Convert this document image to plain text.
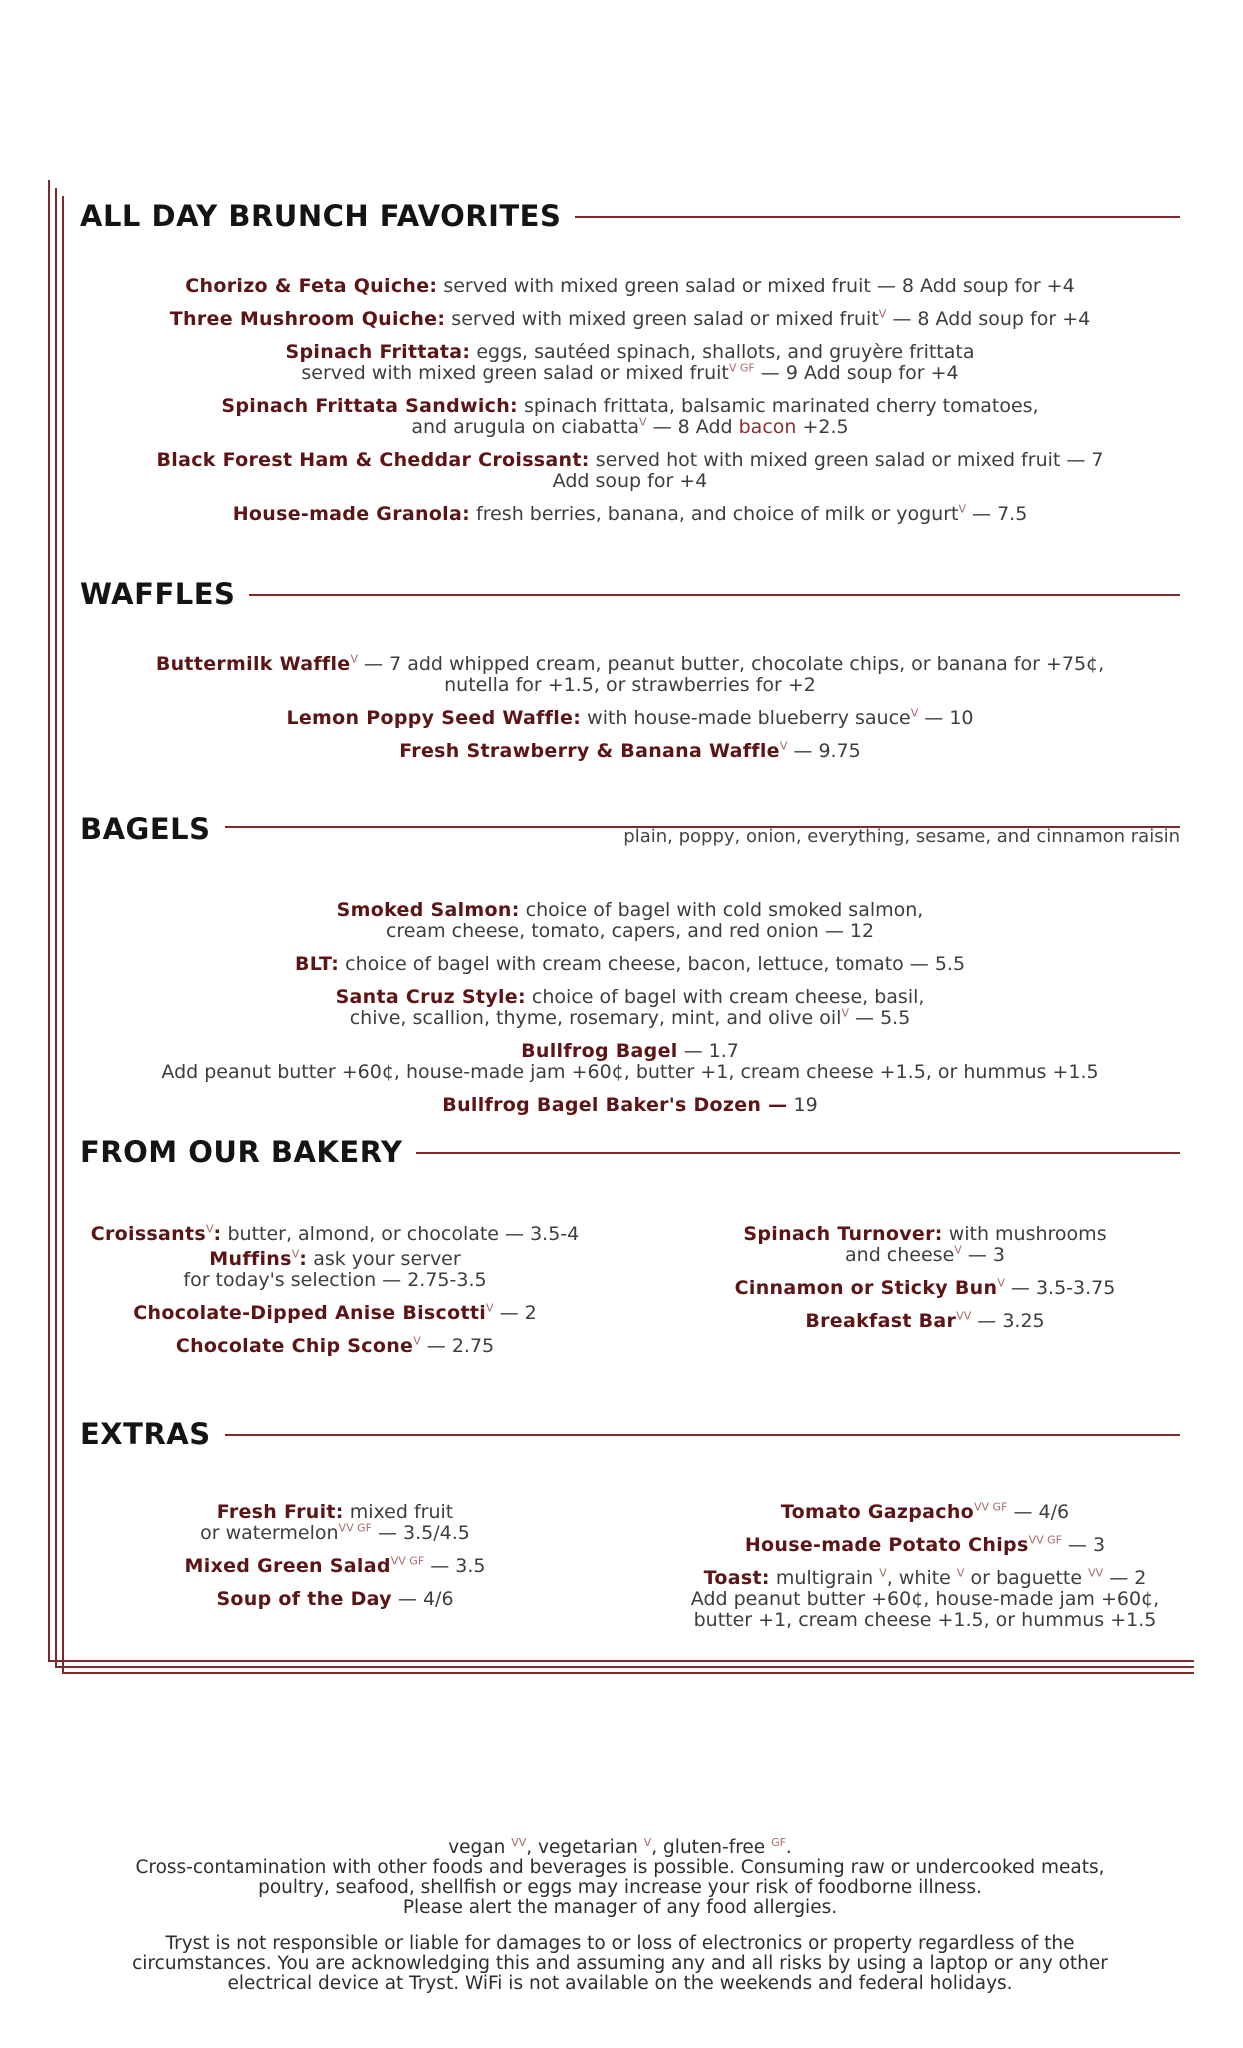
ALL DAY BRUNCH FAVORITES
Chorizo & Feta Quiche: served with mixed green salad or mixed fruit — 8 Add soup for +4
Three Mushroom Quiche: served with mixed green salad or mixed fruit$^V$ — 8 Add soup for +4
Spinach Frittata: eggs, sautéed spinach, shallots, and gruyère frittata
served with mixed green salad or mixed fruit$^{V GF}$ — 9 Add soup for +4
Spinach Frittata Sandwich: spinach frittata, balsamic marinated cherry tomatoes,
and arugula on ciabatta$^V$ — 8 Add bacon +2.5
Black Forest Ham & Cheddar Croissant: served hot with mixed green salad or mixed fruit — 7
Add soup for +4
House-made Granola: fresh berries, banana, and choice of milk or yogurt$^V$ — 7.5
WAFFLES
Buttermilk Waffle$^V$ — 7 add whipped cream, peanut butter, chocolate chips, or banana for +75¢,
nutella for +1.5, or strawberries for +2
Lemon Poppy Seed Waffle: with house-made blueberry sauce$^V$ — 10
Fresh Strawberry & Banana Waffle$^V$ — 9.75
BAGELS	plain, poppy, onion, everything, sesame, and cinnamon raisin
Smoked Salmon: choice of bagel with cold smoked salmon,
cream cheese, tomato, capers, and red onion — 12
BLT: choice of bagel with cream cheese, bacon, lettuce, tomato — 5.5
Santa Cruz Style: choice of bagel with cream cheese, basil,
chive, scallion, thyme, rosemary, mint, and olive oil$^V$ — 5.5
Bullfrog Bagel — 1.7
Add peanut butter +60¢, house-made jam +60¢, butter +1, cream cheese +1.5, or hummus +1.5
Bullfrog Bagel Baker's Dozen — 19
FROM OUR BAKERY
Croissants$^V$: butter, almond, or chocolate — 3.5-4
Muffins$^V$: ask your server
for today's selection — 2.75-3.5
Chocolate-Dipped Anise Biscotti$^V$ — 2
Chocolate Chip Scone$^V$ — 2.75
Spinach Turnover: with mushrooms
and cheese$^V$ — 3
Cinnamon or Sticky Bun$^V$ — 3.5-3.75
Breakfast Bar$^{VV}$ — 3.25
EXTRAS
Fresh Fruit: mixed fruit
or watermelon$^{VV GF}$ — 3.5/4.5
Mixed Green Salad$^{VV GF}$ — 3.5
Soup of the Day — 4/6
Tomato Gazpacho$^{VV GF}$ — 4/6
House-made Potato Chips$^{VV GF}$ — 3
Toast: multigrain $^V$, white $^V$ or baguette $^{VV}$ — 2
Add peanut butter +60¢, house-made jam +60¢,
butter +1, cream cheese +1.5, or hummus +1.5

vegan $^{VV}$, vegetarian $^V$, gluten-free $^{GF}$.

Cross-contamination with other foods and beverages is possible. Consuming raw or undercooked meats,

poultry, seafood, shellfish or eggs may increase your risk of foodborne illness.

Please alert the manager of any food allergies.

Tryst is not responsible or liable for damages to or loss of electronics or property regardless of the

circumstances. You are acknowledging this and assuming any and all risks by using a laptop or any other

electrical device at Tryst. WiFi is not available on the weekends and federal holidays.
